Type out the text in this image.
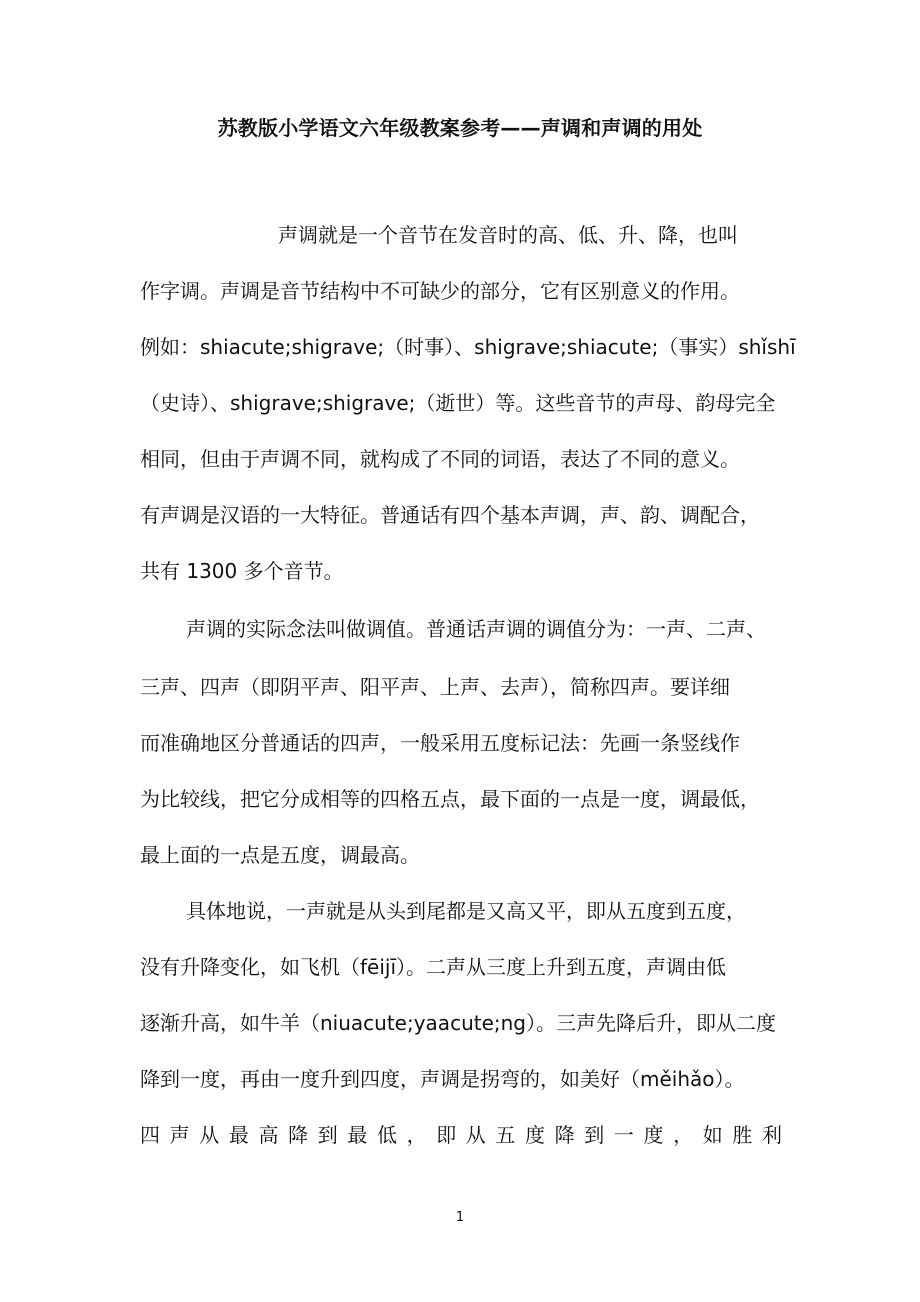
苏教版小学语文六年级教案参考——声调和声调的用处
声调就是一个音节在发音时的高、低、升、降，也叫
作字调。声调是音节结构中不可缺少的部分，它有区别意义的作用。
例如：shiacute;shigrave;（时事）、shigrave;shiacute;（事实）shǐshī
（史诗）、shigrave;shigrave;（逝世）等。这些音节的声母、韵母完全
相同，但由于声调不同，就构成了不同的词语，表达了不同的意义。
有声调是汉语的一大特征。普通话有四个基本声调，声、韵、调配合，
共有 1300 多个音节。
声调的实际念法叫做调值。普通话声调的调值分为：一声、二声、
三声、四声（即阴平声、阳平声、上声、去声），简称四声。要详细
而准确地区分普通话的四声，一般采用五度标记法：先画一条竖线作
为比较线，把它分成相等的四格五点，最下面的一点是一度，调最低，
最上面的一点是五度，调最高。
具体地说，一声就是从头到尾都是又高又平，即从五度到五度，
没有升降变化，如飞机（fēijī）。二声从三度上升到五度，声调由低
逐渐升高，如牛羊（niuacute;yaacute;ng）。三声先降后升，即从二度
降到一度，再由一度升到四度，声调是拐弯的，如美好（měihǎo）。
四声从最高降到最低，即从五度降到一度，如胜利
1
